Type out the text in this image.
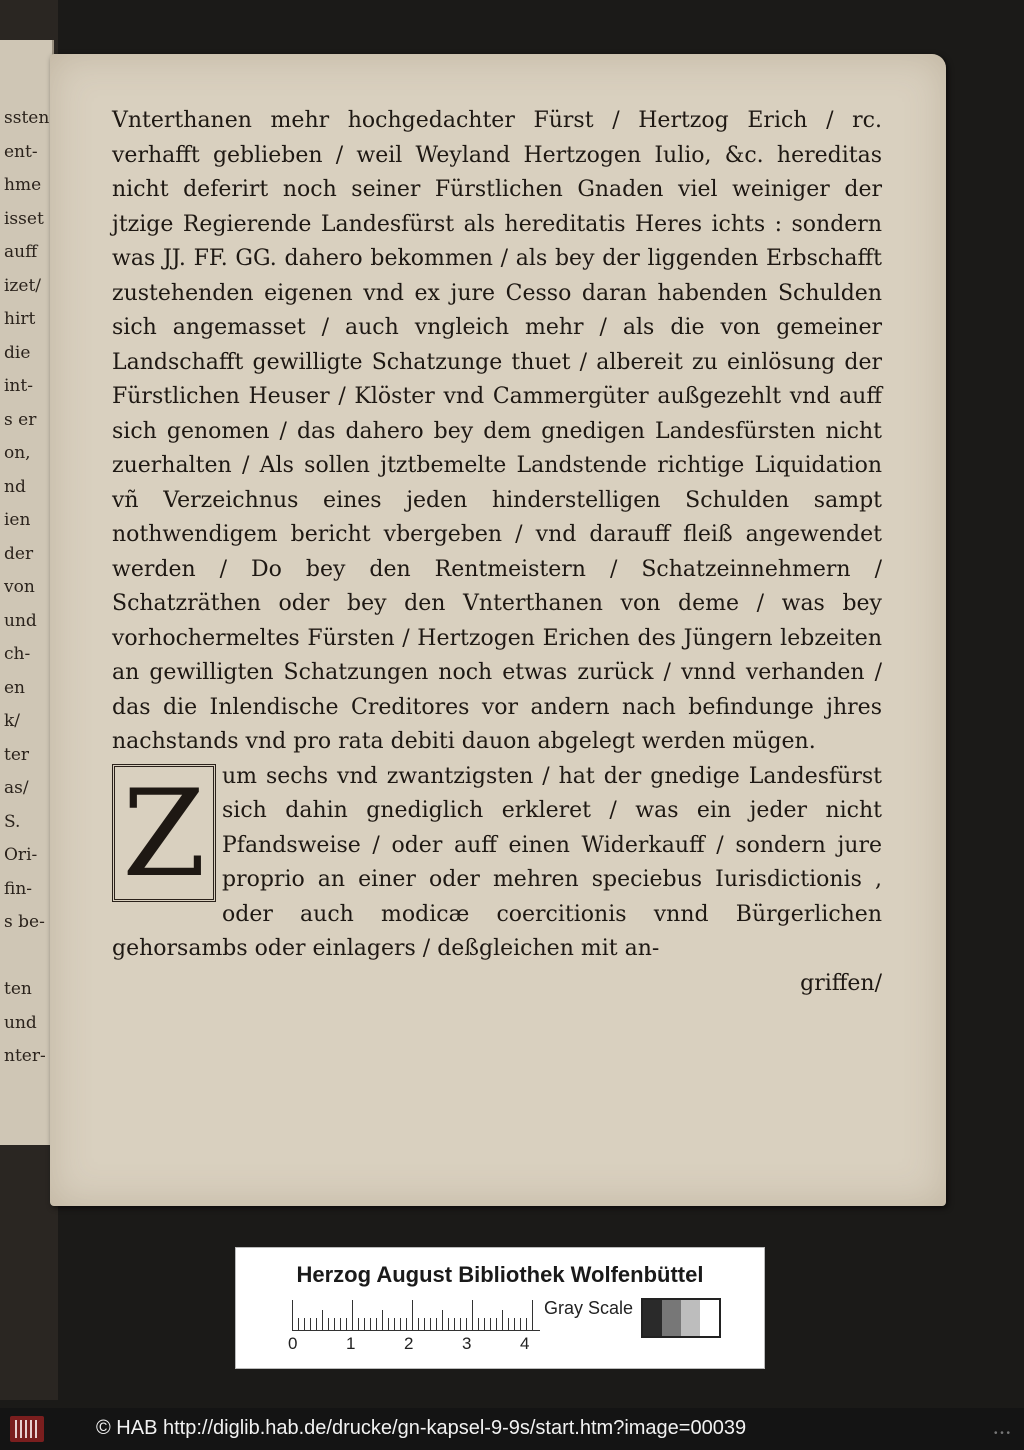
ssten
ent-
hme
isset
auff
izet/
hirt
die
int-
s er
on,
nd
ien
der
von
und
ch-
en
k/
ter
as/
S.
Ori-
fin-
s be-

ten
und
nter-

Vnterthanen mehr hochgedachter Fürst / Hertzog Erich / rc. verhafft geblieben / weil Weyland Hertzogen Iulio, &c. hereditas nicht deferirt noch seiner Fürstlichen Gnaden viel weiniger der jtzige Regierende Landesfürst als hereditatis Heres ichts : sondern was JJ. FF. GG. dahero bekommen / als bey der liggenden Erbschafft zustehenden eigenen vnd ex jure Cesso daran habenden Schulden sich angemasset / auch vngleich mehr / als die von gemeiner Landschafft gewilligte Schatzunge thuet / albereit zu einlösung der Fürstlichen Heuser / Klöster vnd Cammergüter außgezehlt vnd auff sich genomen / das dahero bey dem gnedigen Landesfürsten nicht zuerhalten / Als sollen jtztbemelte Landstende richtige Liquidation vñ Verzeichnus eines jeden hinderstelligen Schulden sampt nothwendigem bericht vbergeben / vnd darauff fleiß angewendet werden / Do bey den Rentmeistern / Schatzeinnehmern / Schatzräthen oder bey den Vnterthanen von deme / was bey vorhochermeltes Fürsten / Hertzogen Erichen des Jüngern lebzeiten an gewilligten Schatzungen noch etwas zurück / vnnd verhanden / das die Inlendische Creditores vor andern nach befindunge jhres nachstands vnd pro rata debiti dauon abgelegt werden mügen.

Z um sechs vnd zwantzigsten / hat der gnedige Landesfürst sich dahin gnediglich erkleret / was ein jeder nicht Pfandsweise / oder auff einen Widerkauff / sondern jure proprio an einer oder mehren speciebus Iurisdictionis , oder auch modicæ coercitionis vnnd Bürgerlichen gehorsambs oder einlagers / deßgleichen mit an-

griffen/

Herzog August Bibliothek Wolfenbüttel
0	1	2	3	4
Gray Scale
© HAB http://diglib.hab.de/drucke/gn-kapsel-9-9s/start.htm?image=00039	• • •
